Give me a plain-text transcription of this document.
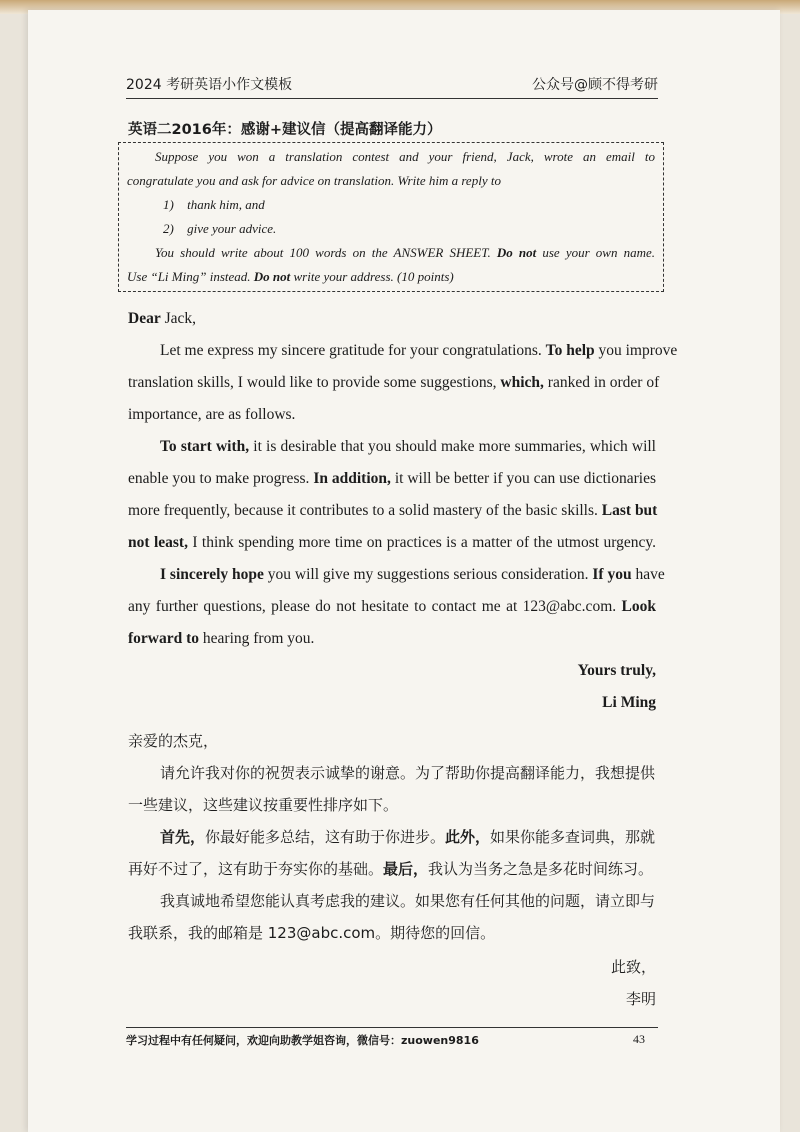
2024 考研英语小作文模板	公众号@顾不得考研
英语二2016年：感谢+建议信（提高翻译能力）
Suppose you won a translation contest and your friend, Jack, wrote an email to
congratulate you and ask for advice on translation. Write him a reply to
1) thank him, and
2) give your advice.
You should write about 100 words on the ANSWER SHEET. Do not use your own name.
Use “Li Ming” instead. Do not write your address. (10 points)
Dear Jack,
Let me express my sincere gratitude for your congratulations. To help you improve
translation skills, I would like to provide some suggestions, which, ranked in order of
importance, are as follows.
To start with, it is desirable that you should make more summaries, which will
enable you to make progress. In addition, it will be better if you can use dictionaries
more frequently, because it contributes to a solid mastery of the basic skills. Last but
not least, I think spending more time on practices is a matter of the utmost urgency.
I sincerely hope you will give my suggestions serious consideration. If you have
any further questions, please do not hesitate to contact me at 123@abc.com. Look
forward to hearing from you.
Yours truly,
Li Ming
亲爱的杰克，
请允许我对你的祝贺表示诚挚的谢意。为了帮助你提高翻译能力，我想提供
一些建议，这些建议按重要性排序如下。
首先，你最好能多总结，这有助于你进步。此外，如果你能多查词典，那就
再好不过了，这有助于夯实你的基础。最后，我认为当务之急是多花时间练习。
我真诚地希望您能认真考虑我的建议。如果您有任何其他的问题，请立即与
我联系，我的邮箱是 123@abc.com。期待您的回信。
此致，
李明
学习过程中有任何疑问，欢迎向助教学姐咨询，微信号：zuowen9816	43
